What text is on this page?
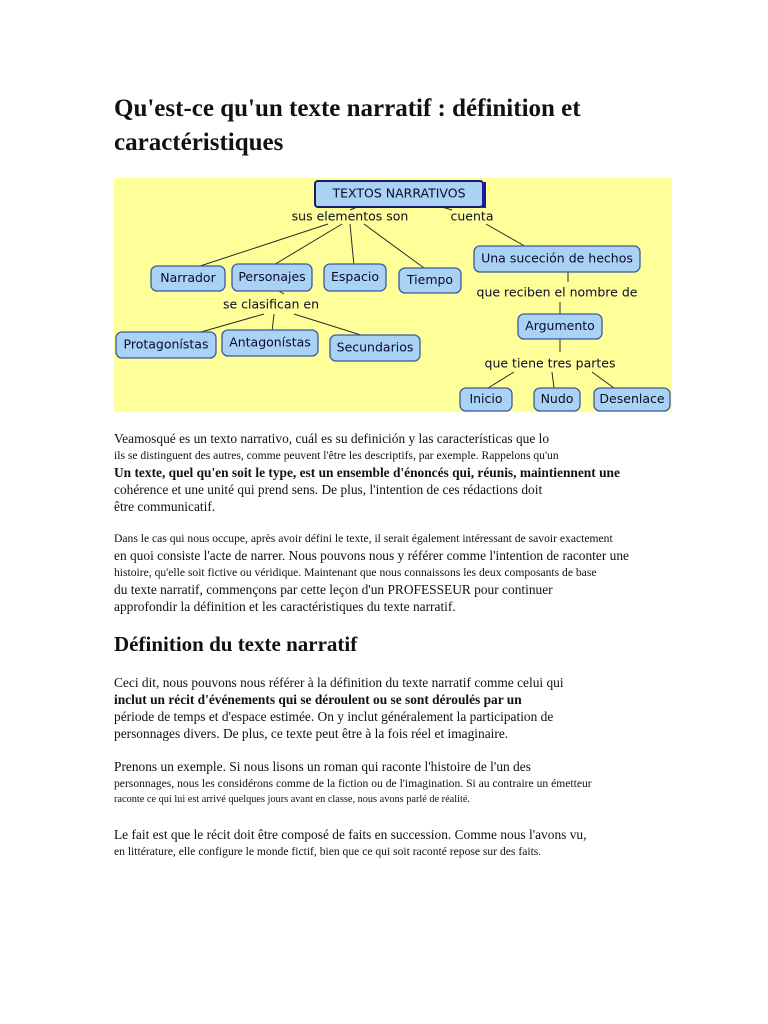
Qu'est-ce qu'un texte narratif : définition et caractéristiques
TEXTOS NARRATIVOS
sus elementos son	cuenta
Narrador Personajes Espacio Tiempo
se clasifican en
Protagonístas Antagonístas Secundarios
Una suceción de hechos
que reciben el nombre de
Argumento
que tiene tres partes
Inicio	Nudo Desenlace

Veamosqué es un texto narrativo, cuál es su definición y las características que lo
ils se distinguent des autres, comme peuvent l'être les descriptifs, par exemple. Rappelons qu'un
Un texte, quel qu'en soit le type, est un ensemble d'énoncés qui, réunis, maintiennent une
cohérence et une unité qui prend sens. De plus, l'intention de ces rédactions doit
être communicatif.

Dans le cas qui nous occupe, après avoir défini le texte, il serait également intéressant de savoir exactement
en quoi consiste l'acte de narrer. Nous pouvons nous y référer comme l'intention de raconter une
histoire, qu'elle soit fictive ou véridique. Maintenant que nous connaissons les deux composants de base
du texte narratif, commençons par cette leçon d'un PROFESSEUR pour continuer
approfondir la définition et les caractéristiques du texte narratif.

Définition du texte narratif

Ceci dit, nous pouvons nous référer à la définition du texte narratif comme celui qui
inclut un récit d'événements qui se déroulent ou se sont déroulés par un
période de temps et d'espace estimée. On y inclut généralement la participation de
personnages divers. De plus, ce texte peut être à la fois réel et imaginaire.

Prenons un exemple. Si nous lisons un roman qui raconte l'histoire de l'un des
personnages, nous les considérons comme de la fiction ou de l'imagination. Si au contraire un émetteur
raconte ce qui lui est arrivé quelques jours avant en classe, nous avons parlé de réalité.

Le fait est que le récit doit être composé de faits en succession. Comme nous l'avons vu,
en littérature, elle configure le monde fictif, bien que ce qui soit raconté repose sur des faits.
